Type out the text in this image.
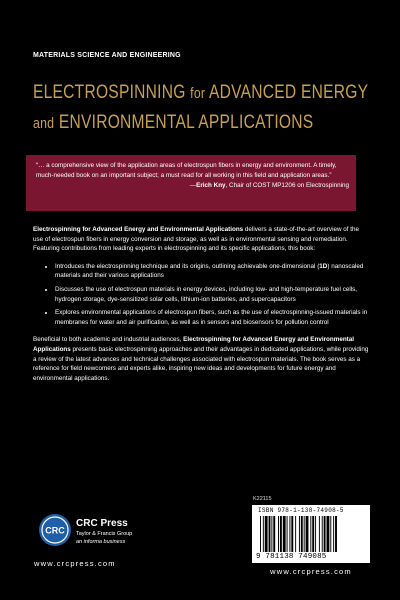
MATERIALS SCIENCE AND ENGINEERING
ELECTROSPINNING for ADVANCED ENERGY
and ENVIRONMENTAL APPLICATIONS

“… a comprehensive view of the application areas of electrospun fibers in energy and environment. A timely, much-needed book on an important subject; a must read for all working in this field and application areas.”

—Erich Kny, Chair of COST MP1206 on Electrospinning

Electrospinning for Advanced Energy and Environmental Applications delivers a state-of-the-art overview of the use of electrospun fibers in energy conversion and storage, as well as in environmental sensing and remediation. Featuring contributions from leading experts in electrospinning and its specific applications, this book:

• Introduces the electrospinning technique and its origins, outlining achievable one-dimensional (1D) nanoscaled materials and their various applications
• Discusses the use of electrospun materials in energy devices, including low- and high-temperature fuel cells, hydrogen storage, dye-sensitized solar cells, lithium-ion batteries, and supercapacitors
• Explores environmental applications of electrospun fibers, such as the use of electrospinning-issued materials in membranes for water and air purification, as well as in sensors and biosensors for pollution control

Beneficial to both academic and industrial audiences, Electrospinning for Advanced Energy and Environmental Applications presents basic electrospinning approaches and their advantages in dedicated applications, while providing a review of the latest advances and technical challenges associated with electrospun materials. The book serves as a reference for field newcomers and experts alike, inspiring new ideas and developments for future energy and environmental applications.

K22115
ISBN 978-1-138-74908-5
9 781138 749085
www.crcpress.com
CRC
CRC Press
Taylor & Francis Group
an informa business
www.crcpress.com
